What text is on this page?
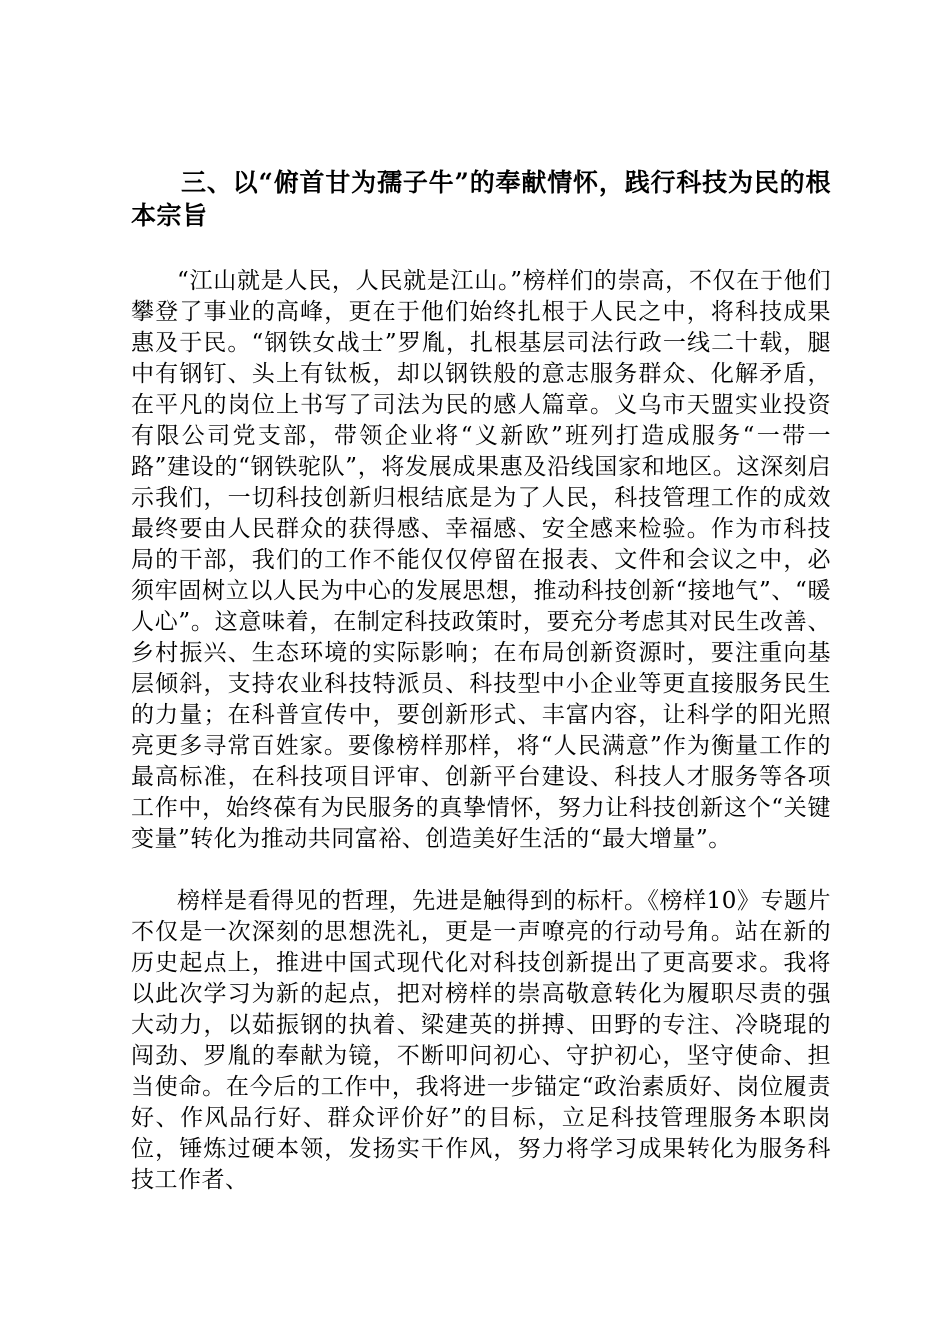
三、以“俯首甘为孺子牛”的奉献情怀，践行科技为民的根本宗旨

“江山就是人民，人民就是江山。”榜样们的崇高，不仅在于他们攀登了事业的高峰，更在于他们始终扎根于人民之中，将科技成果惠及于民。“钢铁女战士”罗胤，扎根基层司法行政一线二十载，腿中有钢钉、头上有钛板，却以钢铁般的意志服务群众、化解矛盾，在平凡的岗位上书写了司法为民的感人篇章。义乌市天盟实业投资有限公司党支部，带领企业将“义新欧”班列打造成服务“一带一路”建设的“钢铁驼队”，将发展成果惠及沿线国家和地区。这深刻启示我们，一切科技创新归根结底是为了人民，科技管理工作的成效最终要由人民群众的获得感、幸福感、安全感来检验。作为市科技局的干部，我们的工作不能仅仅停留在报表、文件和会议之中，必须牢固树立以人民为中心的发展思想，推动科技创新“接地气”、“暖人心”。这意味着，在制定科技政策时，要充分考虑其对民生改善、乡村振兴、生态环境的实际影响；在布局创新资源时，要注重向基层倾斜，支持农业科技特派员、科技型中小企业等更直接服务民生的力量；在科普宣传中，要创新形式、丰富内容，让科学的阳光照亮更多寻常百姓家。要像榜样那样，将“人民满意”作为衡量工作的最高标准，在科技项目评审、创新平台建设、科技人才服务等各项工作中，始终葆有为民服务的真挚情怀，努力让科技创新这个“关键变量”转化为推动共同富裕、创造美好生活的“最大增量”。

榜样是看得见的哲理，先进是触得到的标杆。《榜样10》专题片不仅是一次深刻的思想洗礼，更是一声嘹亮的行动号角。站在新的历史起点上，推进中国式现代化对科技创新提出了更高要求。我将以此次学习为新的起点，把对榜样的崇高敬意转化为履职尽责的强大动力，以茹振钢的执着、梁建英的拼搏、田野的专注、冷晓琨的闯劲、罗胤的奉献为镜，不断叩问初心、守护初心，坚守使命、担当使命。在今后的工作中，我将进一步锚定“政治素质好、岗位履责好、作风品行好、群众评价好”的目标，立足科技管理服务本职岗位，锤炼过硬本领，发扬实干作风，努力将学习成果转化为服务科技工作者、
